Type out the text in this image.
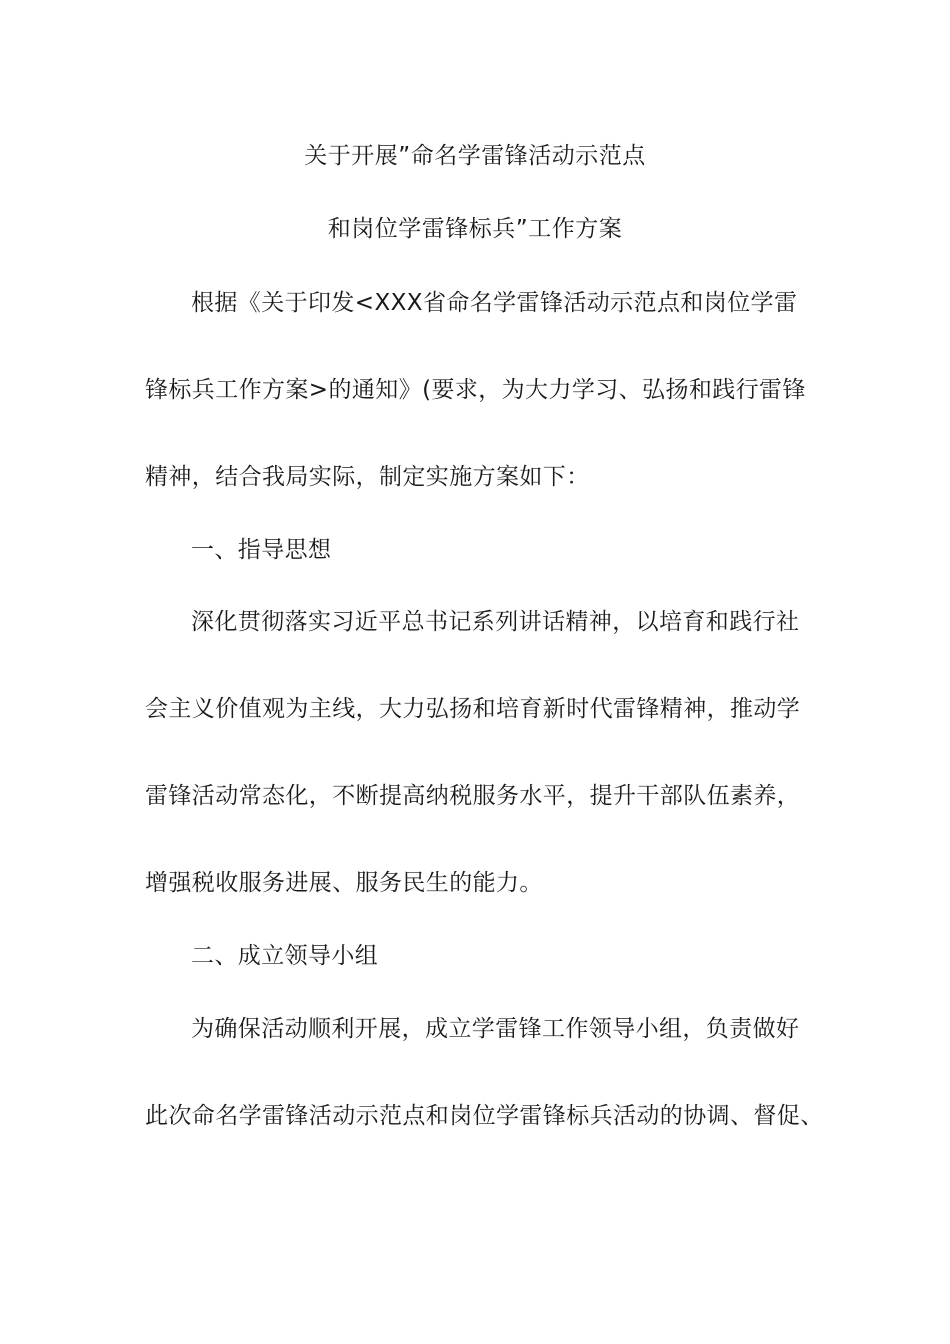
关于开展”命名学雷锋活动示范点
和岗位学雷锋标兵”工作方案
根据《关于印发<XXX省命名学雷锋活动示范点和岗位学雷
锋标兵工作方案>的通知》(要求，为大力学习、弘扬和践行雷锋
精神，结合我局实际，制定实施方案如下：
一、指导思想
深化贯彻落实习近平总书记系列讲话精神，以培育和践行社
会主义价值观为主线，大力弘扬和培育新时代雷锋精神，推动学
雷锋活动常态化，不断提高纳税服务水平，提升干部队伍素养，
增强税收服务进展、服务民生的能力。
二、成立领导小组
为确保活动顺利开展，成立学雷锋工作领导小组，负责做好
此次命名学雷锋活动示范点和岗位学雷锋标兵活动的协调、督促、
